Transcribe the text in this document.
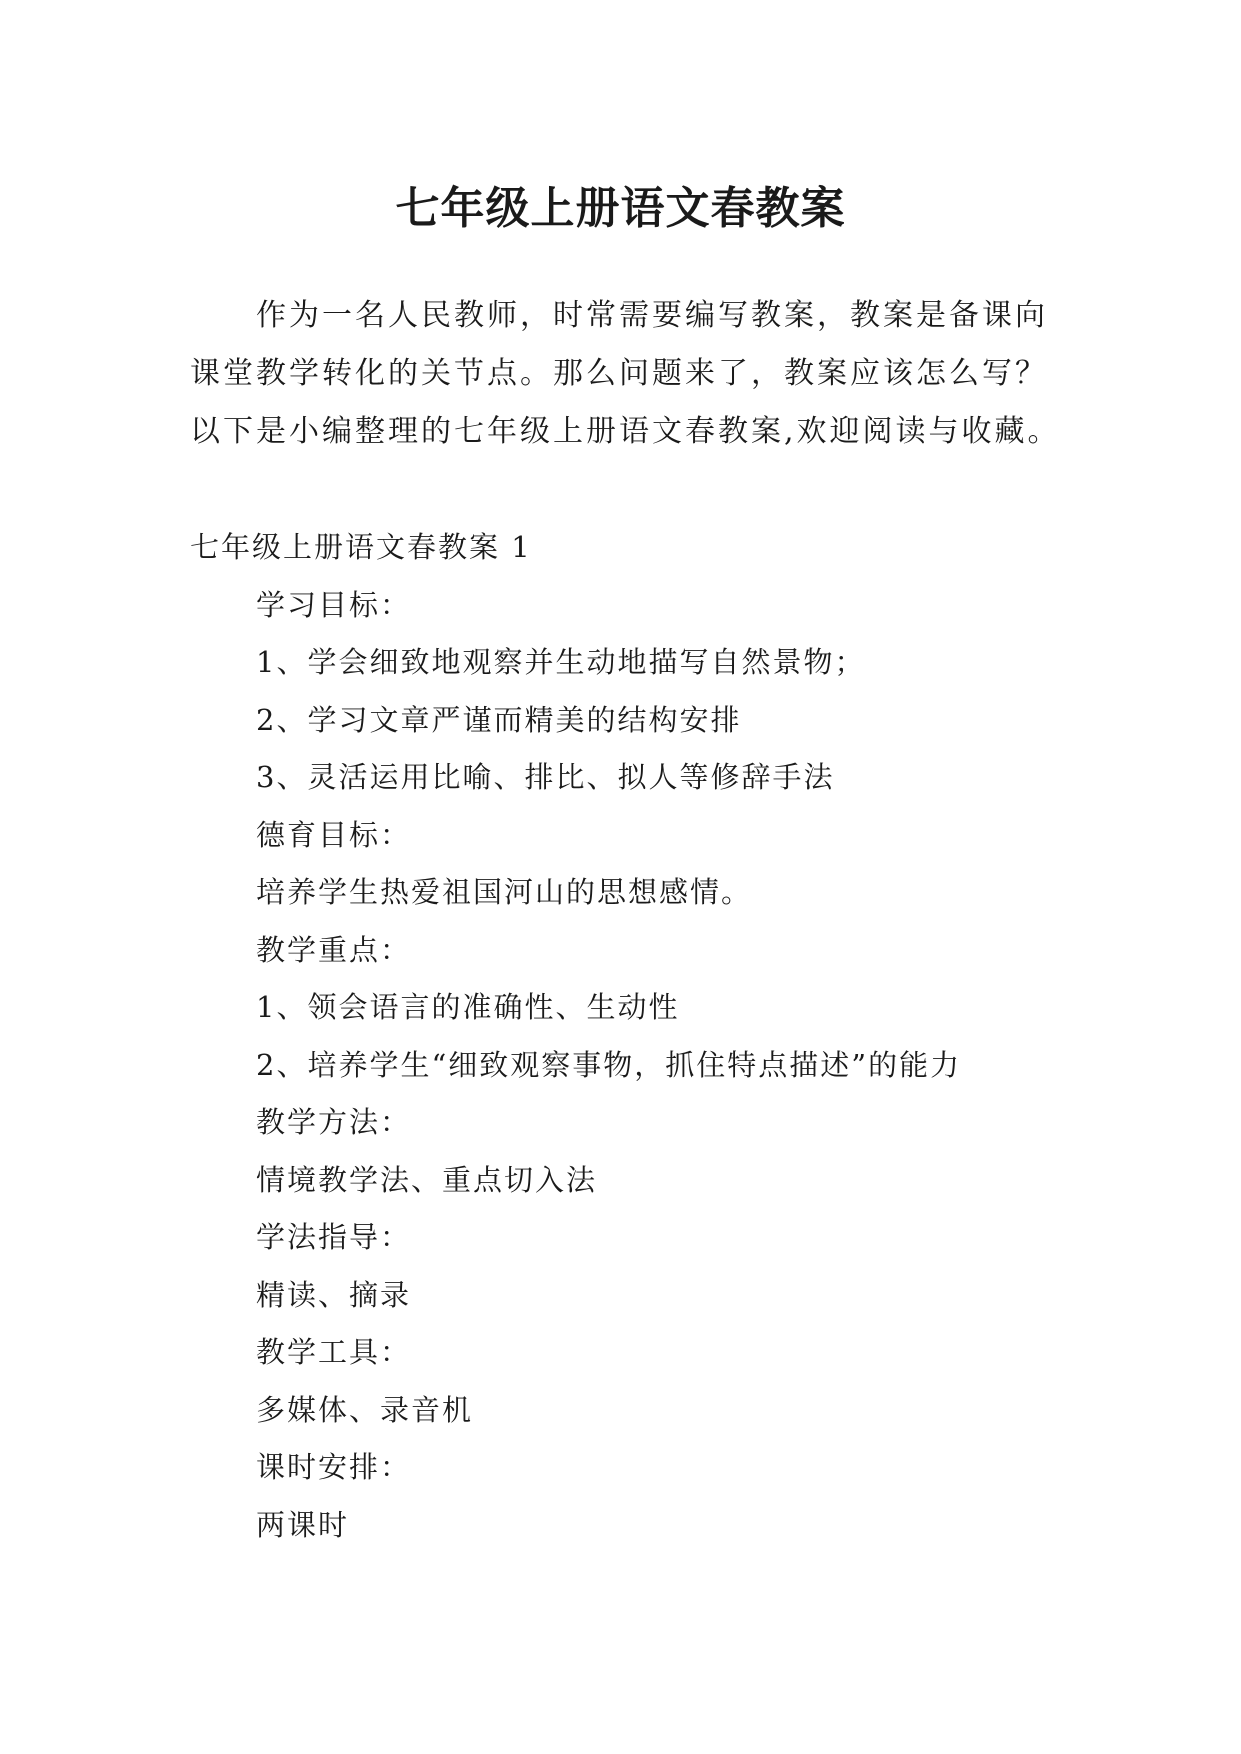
七年级上册语文春教案

作为一名人民教师，时常需要编写教案，教案是备课向

课堂教学转化的关节点。那么问题来了，教案应该怎么写？

以下是小编整理的七年级上册语文春教案,欢迎阅读与收藏。

七年级上册语文春教案 1

学习目标：

1、学会细致地观察并生动地描写自然景物；

2、学习文章严谨而精美的结构安排

3、灵活运用比喻、排比、拟人等修辞手法

德育目标：

培养学生热爱祖国河山的思想感情。

教学重点：

1、领会语言的准确性、生动性

2、培养学生“细致观察事物，抓住特点描述”的能力

教学方法：

情境教学法、重点切入法

学法指导：

精读、摘录

教学工具：

多媒体、录音机

课时安排：

两课时
